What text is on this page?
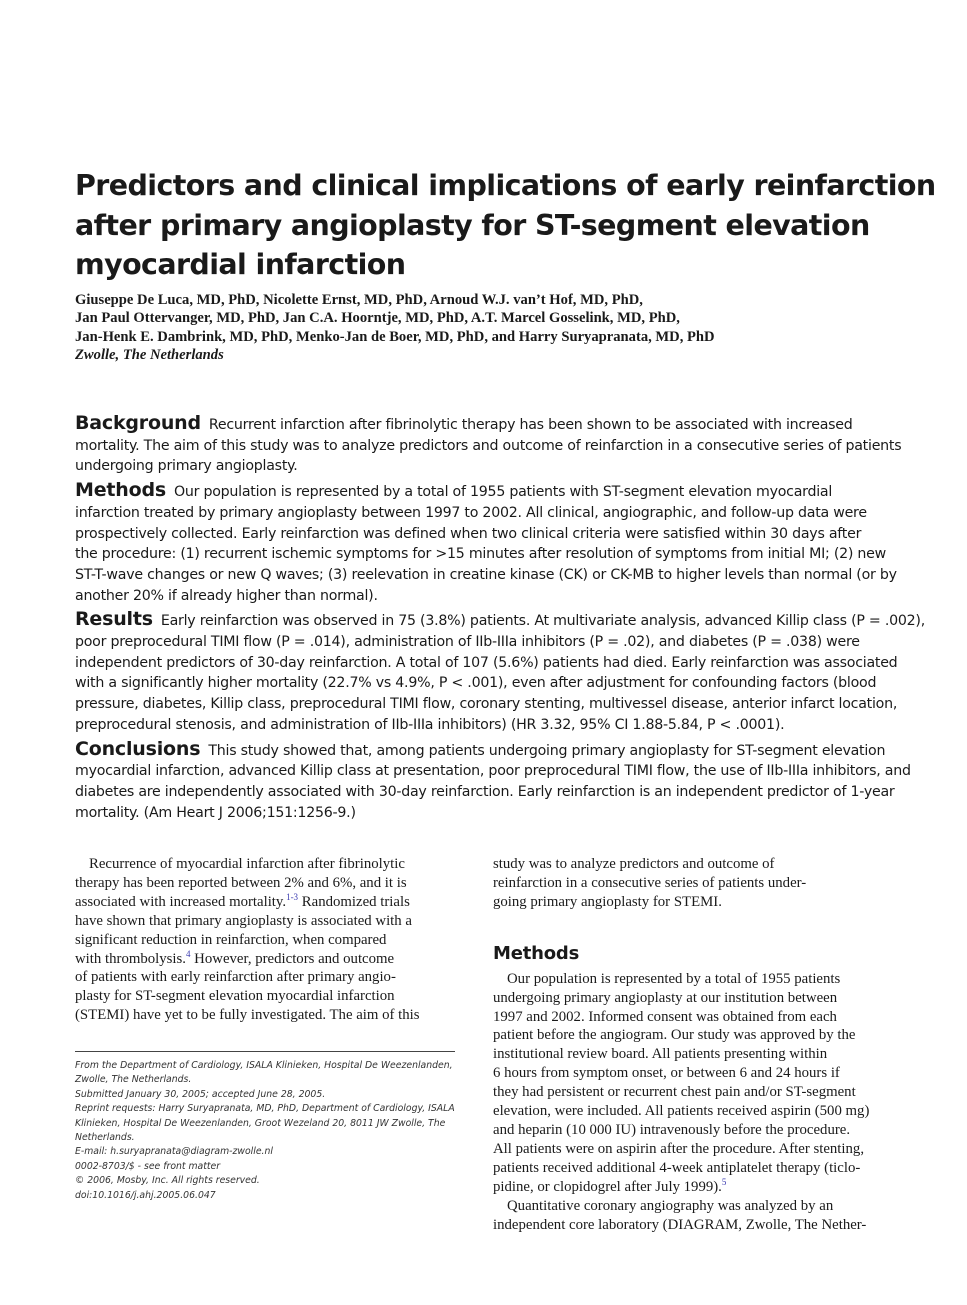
Predictors and clinical implications of early reinfarction
after primary angioplasty for ST-segment elevation
myocardial infarction
Giuseppe De Luca, MD, PhD, Nicolette Ernst, MD, PhD, Arnoud W.J. van’t Hof, MD, PhD,
Jan Paul Ottervanger, MD, PhD, Jan C.A. Hoorntje, MD, PhD, A.T. Marcel Gosselink, MD, PhD,
Jan-Henk E. Dambrink, MD, PhD, Menko-Jan de Boer, MD, PhD, and Harry Suryapranata, MD, PhD
Zwolle, The Netherlands
Background Recurrent infarction after fibrinolytic therapy has been shown to be associated with increased
mortality. The aim of this study was to analyze predictors and outcome of reinfarction in a consecutive series of patients
undergoing primary angioplasty.
Methods Our population is represented by a total of 1955 patients with ST-segment elevation myocardial
infarction treated by primary angioplasty between 1997 to 2002. All clinical, angiographic, and follow-up data were
prospectively collected. Early reinfarction was defined when two clinical criteria were satisfied within 30 days after
the procedure: (1) recurrent ischemic symptoms for >15 minutes after resolution of symptoms from initial MI; (2) new
ST-T-wave changes or new Q waves; (3) reelevation in creatine kinase (CK) or CK-MB to higher levels than normal (or by
another 20% if already higher than normal).
Results Early reinfarction was observed in 75 (3.8%) patients. At multivariate analysis, advanced Killip class (P = .002),
poor preprocedural TIMI flow (P = .014), administration of IIb-IIIa inhibitors (P = .02), and diabetes (P = .038) were
independent predictors of 30-day reinfarction. A total of 107 (5.6%) patients had died. Early reinfarction was associated
with a significantly higher mortality (22.7% vs 4.9%, P < .001), even after adjustment for confounding factors (blood
pressure, diabetes, Killip class, preprocedural TIMI flow, coronary stenting, multivessel disease, anterior infarct location,
preprocedural stenosis, and administration of IIb-IIIa inhibitors) (HR 3.32, 95% CI 1.88-5.84, P < .0001).
Conclusions This study showed that, among patients undergoing primary angioplasty for ST-segment elevation
myocardial infarction, advanced Killip class at presentation, poor preprocedural TIMI flow, the use of IIb-IIIa inhibitors, and
diabetes are independently associated with 30-day reinfarction. Early reinfarction is an independent predictor of 1-year
mortality. (Am Heart J 2006;151:1256-9.)
Recurrence of myocardial infarction after fibrinolytic
therapy has been reported between 2% and 6%, and it is
associated with increased mortality.$^{1-3}$ Randomized trials
have shown that primary angioplasty is associated with a
significant reduction in reinfarction, when compared
with thrombolysis.$^4$ However, predictors and outcome
of patients with early reinfarction after primary angio-
plasty for ST-segment elevation myocardial infarction
(STEMI) have yet to be fully investigated. The aim of this
From the Department of Cardiology, ISALA Klinieken, Hospital De Weezenlanden,
Zwolle, The Netherlands.
Submitted January 30, 2005; accepted June 28, 2005.
Reprint requests: Harry Suryapranata, MD, PhD, Department of Cardiology, ISALA
Klinieken, Hospital De Weezenlanden, Groot Wezeland 20, 8011 JW Zwolle, The
Netherlands.
E-mail: h.suryapranata@diagram-zwolle.nl
0002-8703/$ - see front matter
© 2006, Mosby, Inc. All rights reserved.
doi:10.1016/j.ahj.2005.06.047
study was to analyze predictors and outcome of
reinfarction in a consecutive series of patients under-
going primary angioplasty for STEMI.
Methods
Our population is represented by a total of 1955 patients
undergoing primary angioplasty at our institution between
1997 and 2002. Informed consent was obtained from each
patient before the angiogram. Our study was approved by the
institutional review board. All patients presenting within
6 hours from symptom onset, or between 6 and 24 hours if
they had persistent or recurrent chest pain and/or ST-segment
elevation, were included. All patients received aspirin (500 mg)
and heparin (10 000 IU) intravenously before the procedure.
All patients were on aspirin after the procedure. After stenting,
patients received additional 4-week antiplatelet therapy (ticlo-
pidine, or clopidogrel after July 1999).$^5$
Quantitative coronary angiography was analyzed by an
independent core laboratory (DIAGRAM, Zwolle, The Nether-
